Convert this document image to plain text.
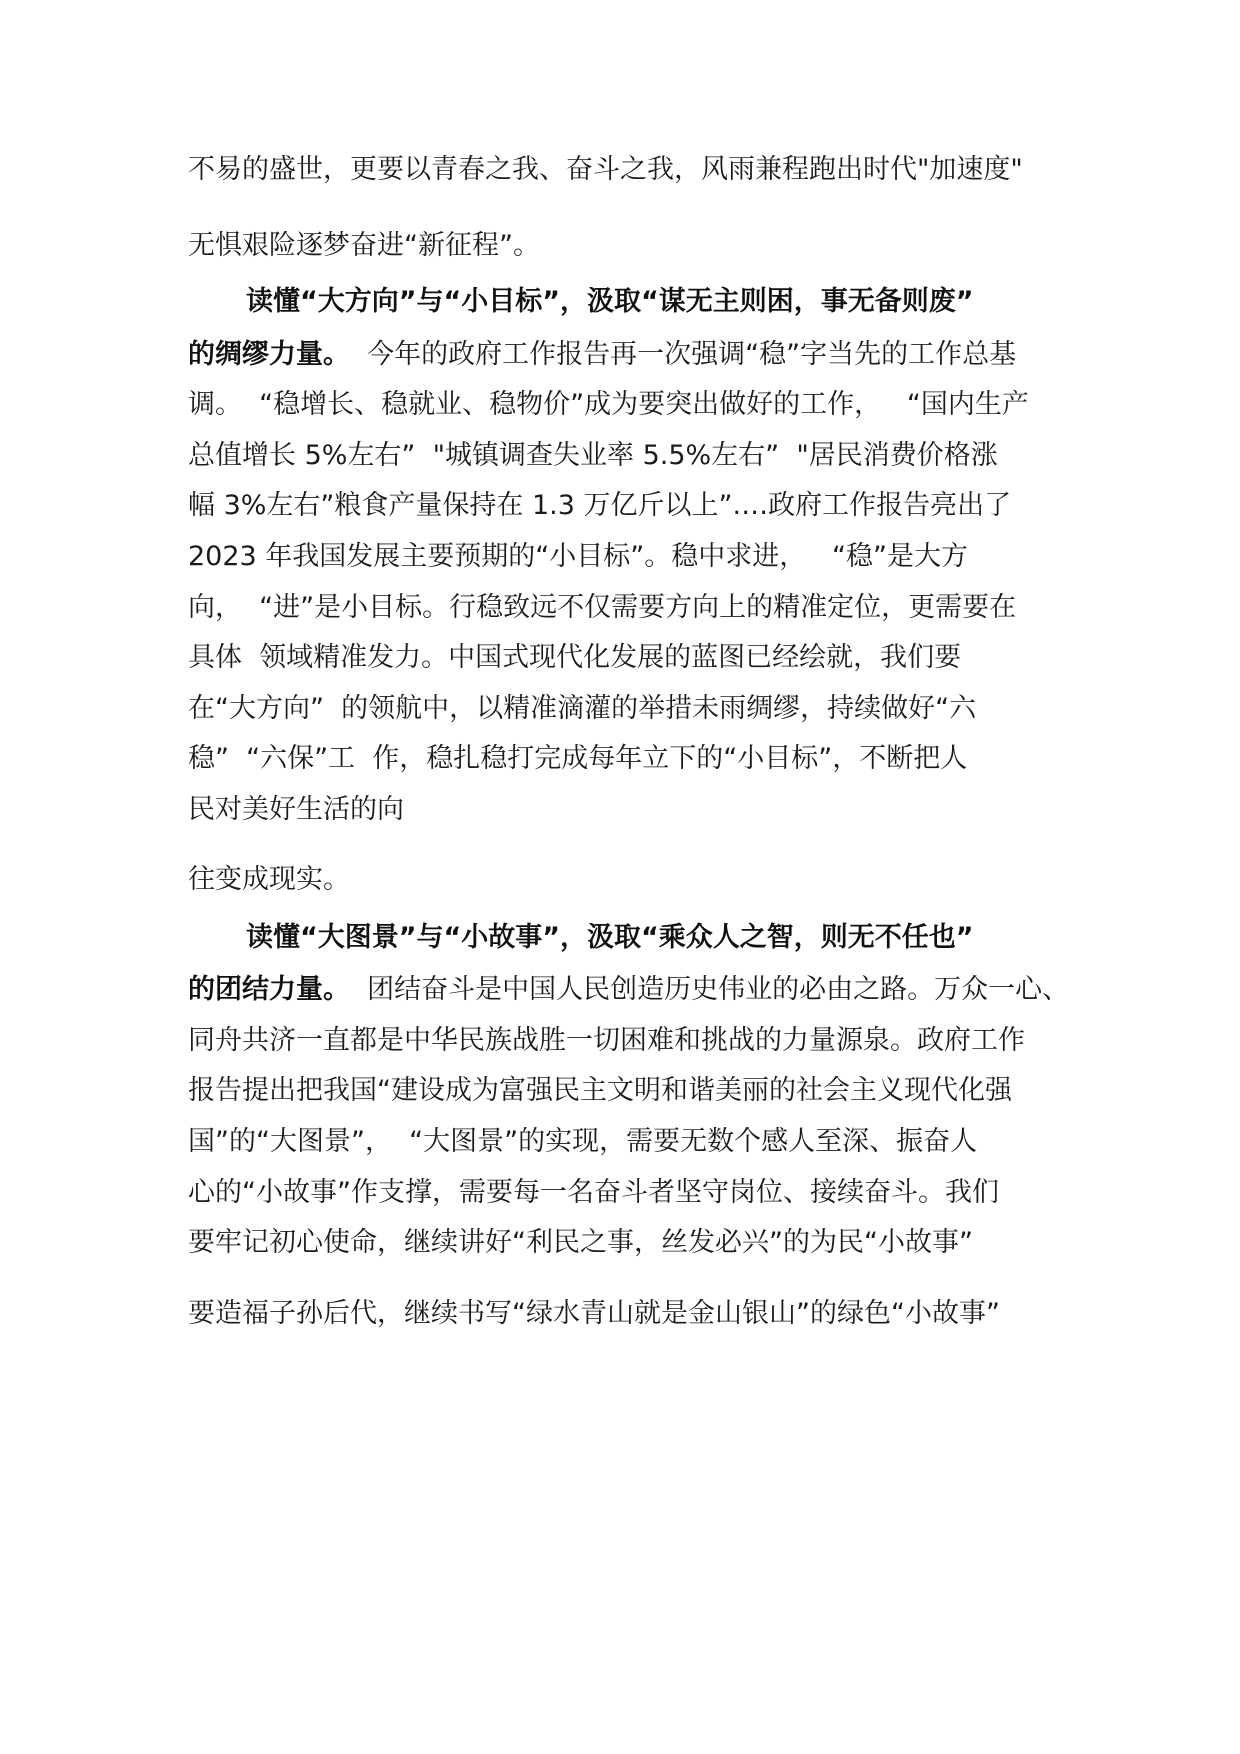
不易的盛世，更要以青春之我、奋斗之我，风雨兼程跑出时代"加速度"

无惧艰险逐梦奋进“新征程”。

读懂“大方向”与“小目标”，汲取“谋无主则困，事无备则废”

的绸缪力量。  今年的政府工作报告再一次强调“稳”字当先的工作总基

调。  “稳增长、稳就业、稳物价”成为要突出做好的工作，   “国内生产

总值增长 5%左右”  "城镇调查失业率 5.5%左右”  "居民消费价格涨

幅 3%左右”粮食产量保持在 1.3 万亿斤以上”.…政府工作报告亮出了

2023 年我国发展主要预期的“小目标”。稳中求进，   “稳”是大方

向，  “进”是小目标。行稳致远不仅需要方向上的精准定位，更需要在

具体  领域精准发力。中国式现代化发展的蓝图已经绘就，我们要

在“大方向”  的领航中，以精准滴灌的举措未雨绸缪，持续做好“六

稳”  “六保”工  作，稳扎稳打完成每年立下的“小目标”，不断把人

民对美好生活的向

往变成现实。

读懂“大图景”与“小故事”，汲取“乘众人之智，则无不任也”

的团结力量。  团结奋斗是中国人民创造历史伟业的必由之路。万众一心、

同舟共济一直都是中华民族战胜一切困难和挑战的力量源泉。政府工作

报告提出把我国“建设成为富强民主文明和谐美丽的社会主义现代化强

国”的“大图景”，  “大图景”的实现，需要无数个感人至深、振奋人

心的“小故事”作支撑，需要每一名奋斗者坚守岗位、接续奋斗。我们

要牢记初心使命，继续讲好“利民之事，丝发必兴”的为民“小故事”

要造福子孙后代，继续书写“绿水青山就是金山银山”的绿色“小故事”
